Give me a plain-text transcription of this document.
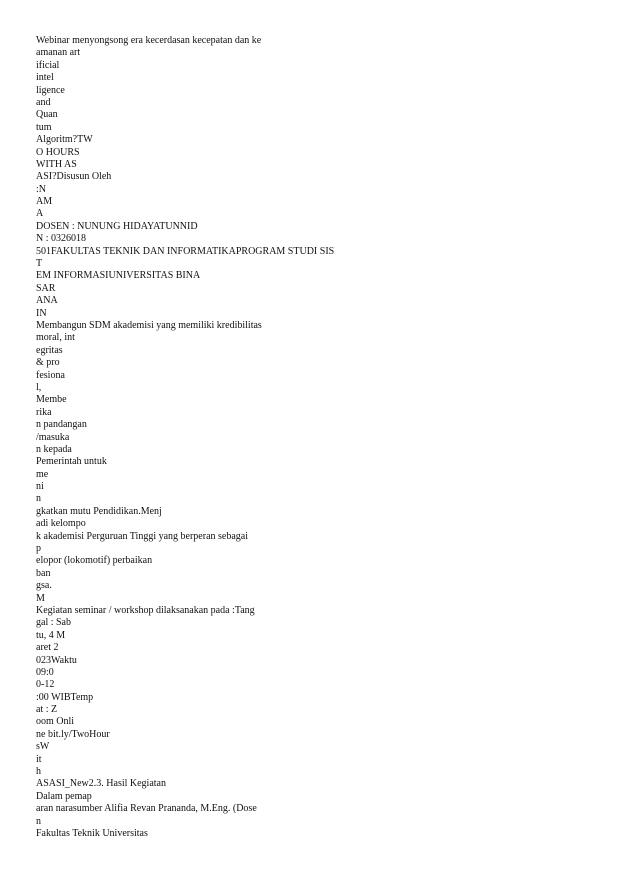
Webinar menyongsong era kecerdasan kecepatan dan ke
amanan art
ificial
intel
ligence
and
Quan
tum
Algoritm?TW
O HOURS
WITH AS
ASI?Disusun Oleh
:N
AM
A
DOSEN : NUNUNG HIDAYATUNNID
N : 0326018
501FAKULTAS TEKNIK DAN INFORMATIKAPROGRAM STUDI SIS
T
EM INFORMASIUNIVERSITAS BINA
SAR
ANA
IN
Membangun SDM akademisi yang memiliki kredibilitas
moral, int
egritas
& pro
fesiona
l,
Membe
rika
n pandangan
/masuka
n kepada
Pemerintah untuk
me
ni
n
gkatkan mutu Pendidikan.Menj
adi kelompo
k akademisi Perguruan Tinggi yang berperan sebagai
p
elopor (lokomotif) perbaikan
ban
gsa.
M
Kegiatan seminar / workshop dilaksanakan pada :Tang
gal : Sab
tu, 4 M
aret 2
023Waktu
09:0
0-12
:00 WIBTemp
at : Z
oom Onli
ne bit.ly/TwoHour
sW
it
h
ASASI_New2.3. Hasil Kegiatan
Dalam pemap
aran narasumber Alifia Revan Prananda, M.Eng. (Dose
n
Fakultas Teknik Universitas
